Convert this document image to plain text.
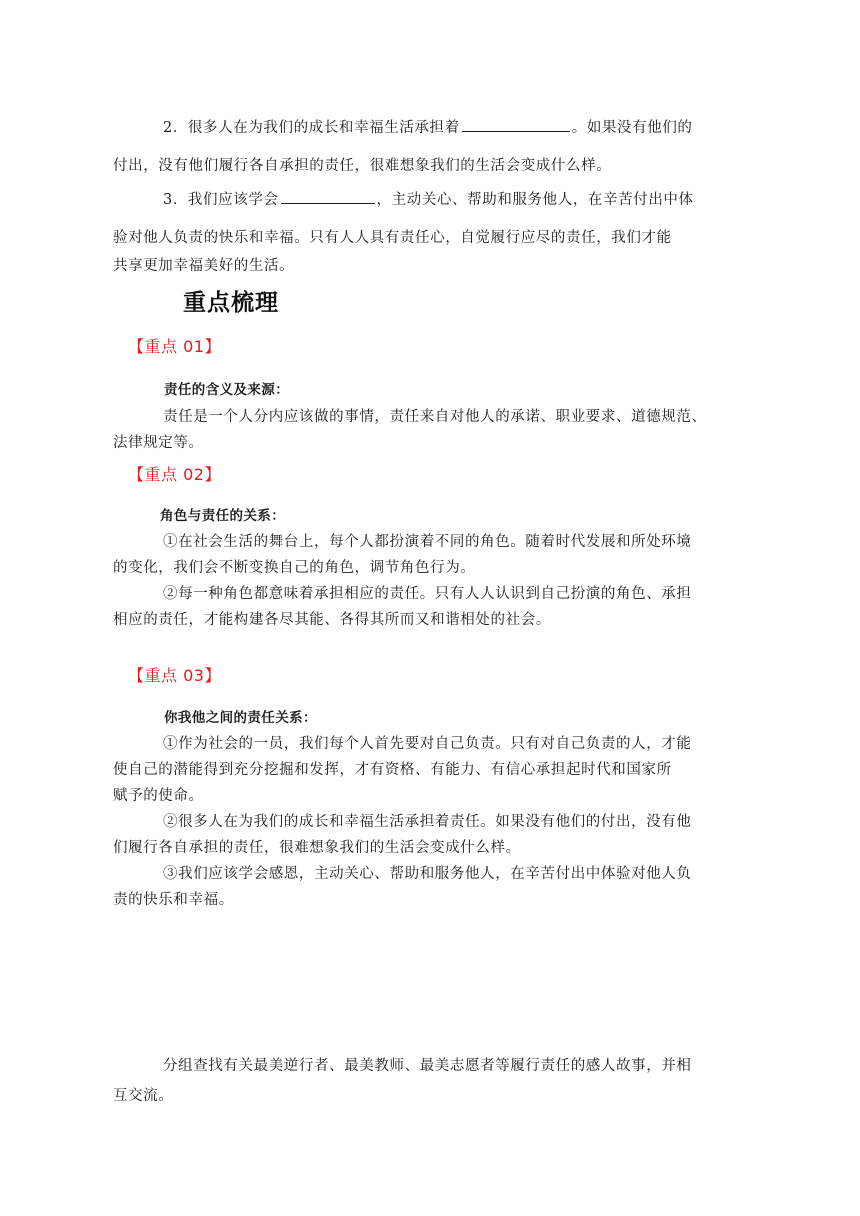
2．很多人在为我们的成长和幸福生活承担着	。如果没有他们的
付出，没有他们履行各自承担的责任，很难想象我们的生活会变成什么样。
3．我们应该学会	，主动关心、帮助和服务他人，在辛苦付出中体
验对他人负责的快乐和幸福。只有人人具有责任心，自觉履行应尽的责任，我们才能
共享更加幸福美好的生活。
重点梳理

【重点 01】

责任的含义及来源：

责任是一个人分内应该做的事情，责任来自对他人的承诺、职业要求、道德规范、
法律规定等。

【重点 02】

角色与责任的关系：

①在社会生活的舞台上，每个人都扮演着不同的角色。随着时代发展和所处环境
的变化，我们会不断变换自己的角色，调节角色行为。
②每一种角色都意味着承担相应的责任。只有人人认识到自己扮演的角色、承担
相应的责任，才能构建各尽其能、各得其所而又和谐相处的社会。

【重点 03】

你我他之间的责任关系：

①作为社会的一员，我们每个人首先要对自己负责。只有对自己负责的人，才能
使自己的潜能得到充分挖掘和发挥，才有资格、有能力、有信心承担起时代和国家所
赋予的使命。
②很多人在为我们的成长和幸福生活承担着责任。如果没有他们的付出，没有他
们履行各自承担的责任，很难想象我们的生活会变成什么样。
③我们应该学会感恩，主动关心、帮助和服务他人，在辛苦付出中体验对他人负
责的快乐和幸福。
分组查找有关最美逆行者、最美教师、最美志愿者等履行责任的感人故事，并相
互交流。
